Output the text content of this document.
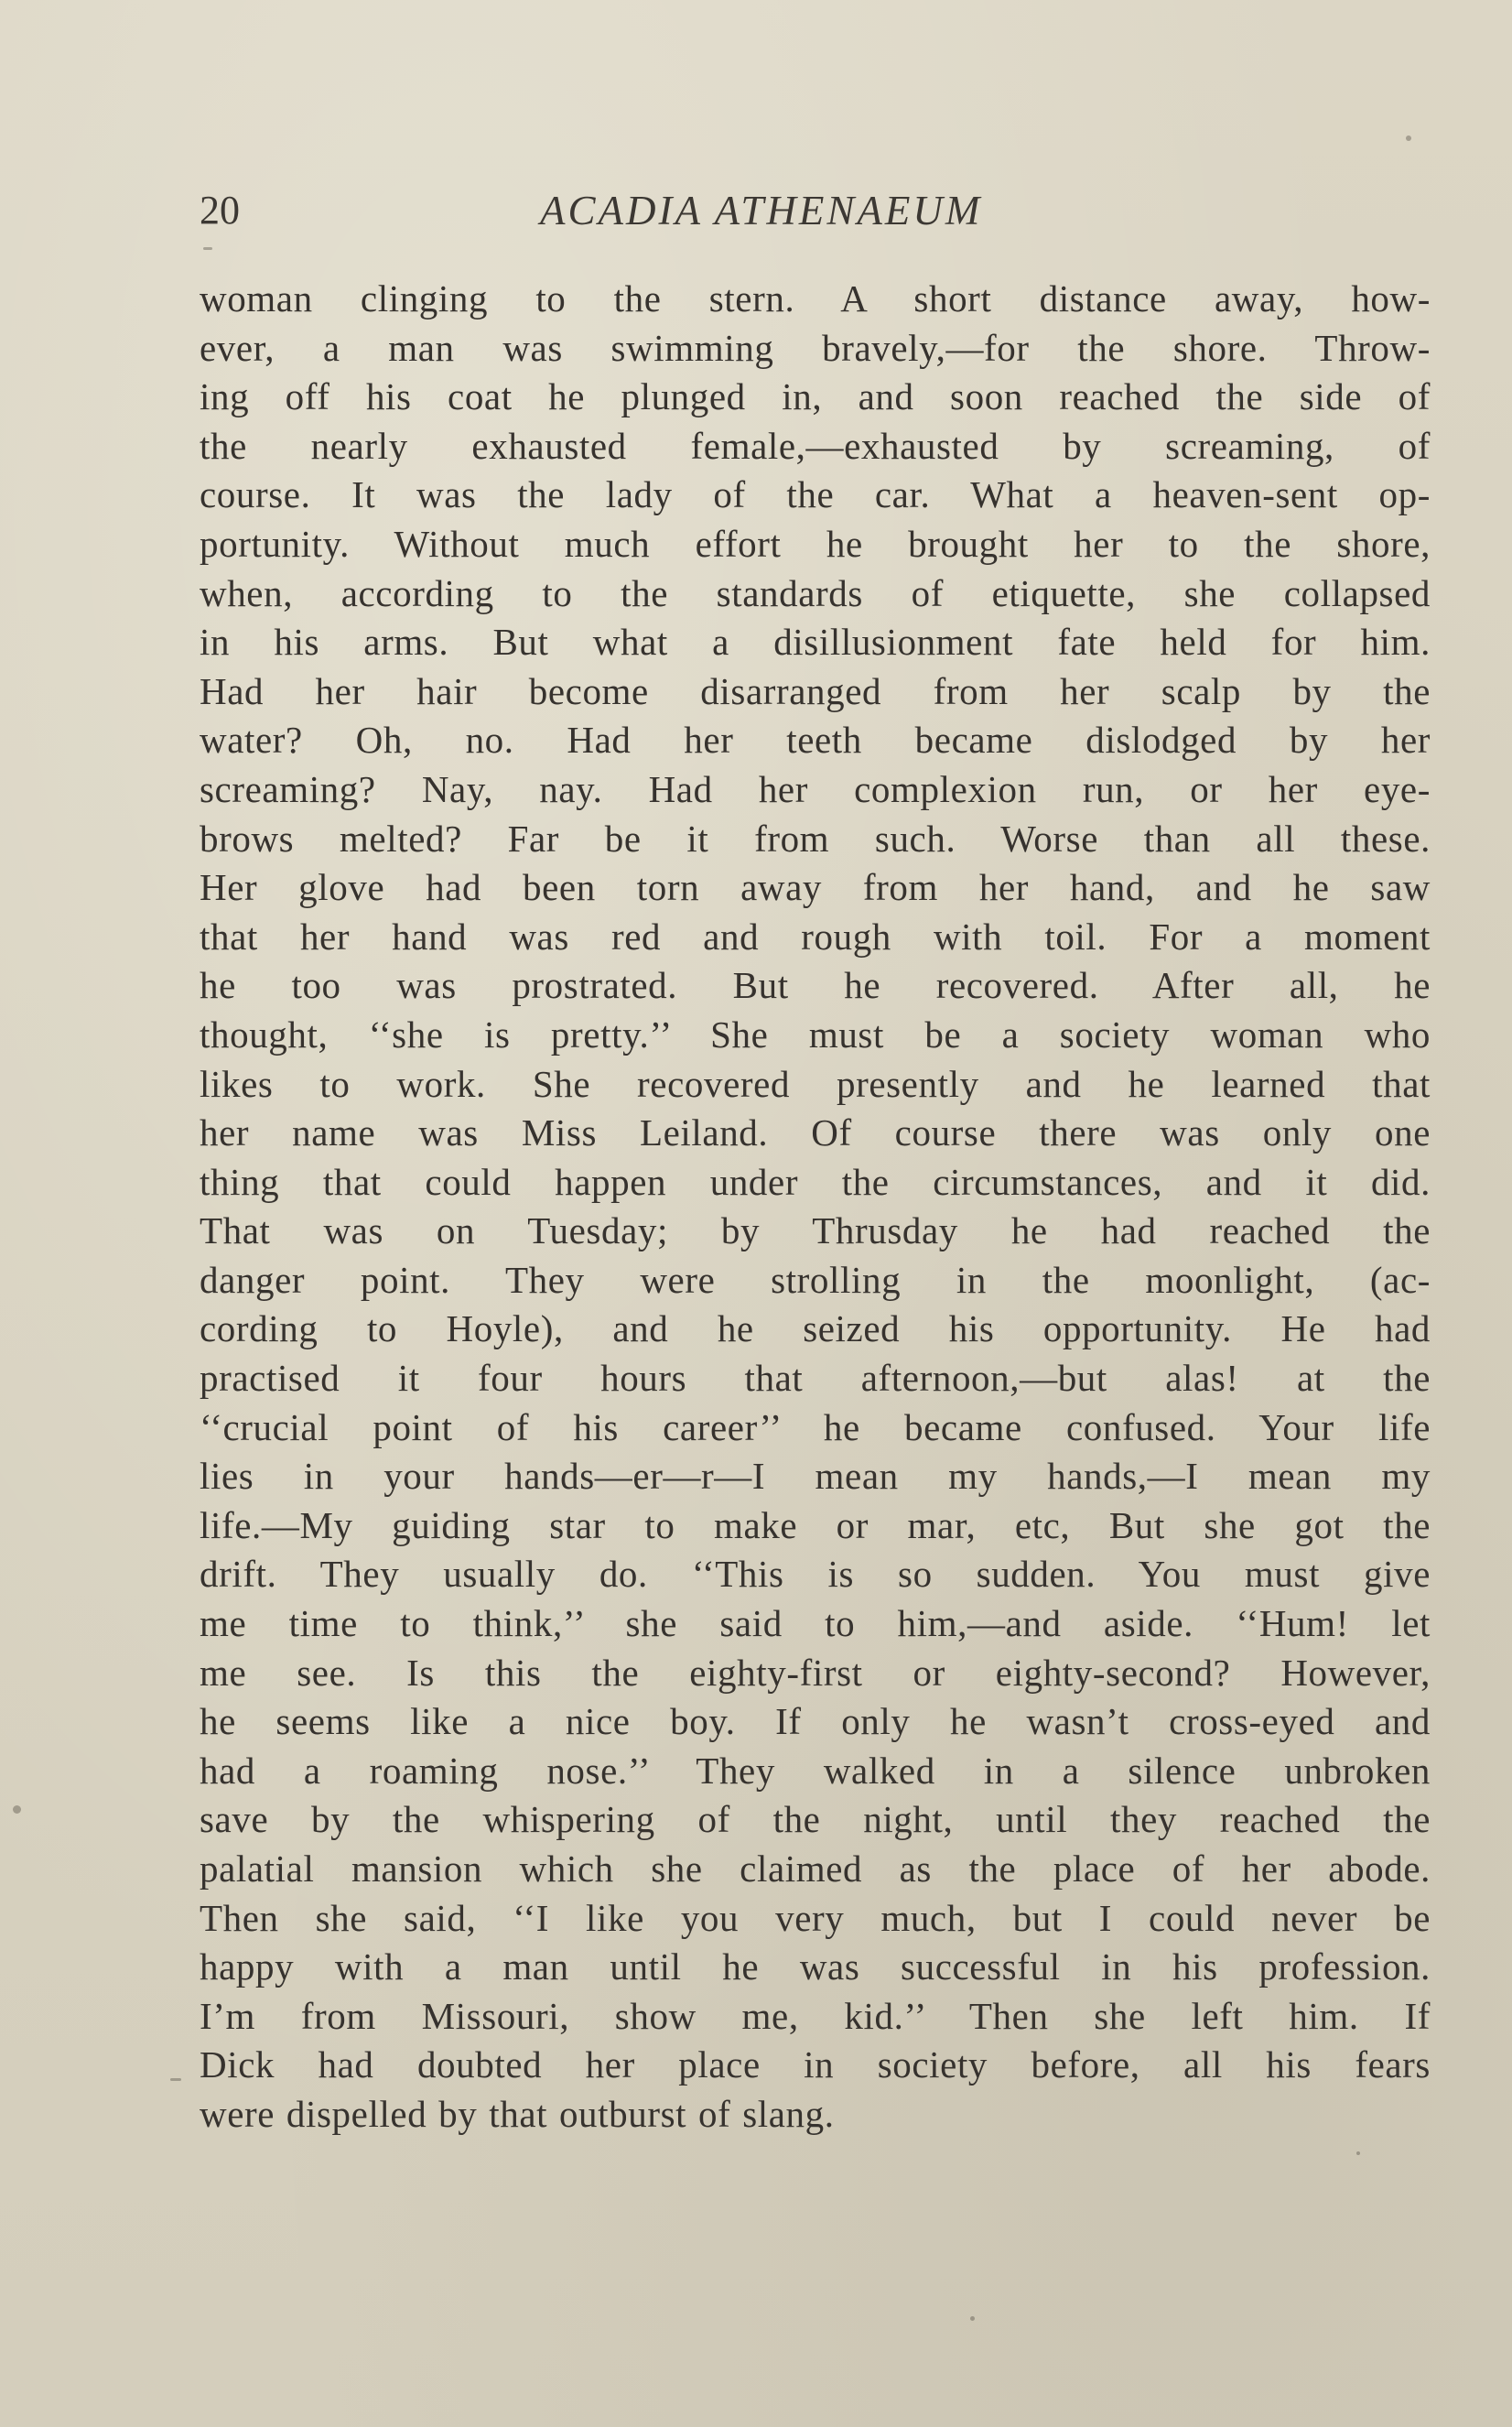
20	ACADIA ATHENAEUM
woman clinging to the stern. A short distance away, how-
ever, a man was swimming bravely,—for the shore. Throw-
ing off his coat he plunged in, and soon reached the side of
the nearly exhausted female,—exhausted by screaming, of
course. It was the lady of the car. What a heaven-sent op-
portunity. Without much effort he brought her to the shore,
when, according to the standards of etiquette, she collapsed
in his arms. But what a disillusionment fate held for him.
Had her hair become disarranged from her scalp by the
water? Oh, no. Had her teeth became dislodged by her
screaming? Nay, nay. Had her complexion run, or her eye-
brows melted? Far be it from such. Worse than all these.
Her glove had been torn away from her hand, and he saw
that her hand was red and rough with toil. For a moment
he too was prostrated. But he recovered. After all, he
thought, ‘‘she is pretty.’’ She must be a society woman who
likes to work. She recovered presently and he learned that
her name was Miss Leiland. Of course there was only one
thing that could happen under the circumstances, and it did.
That was on Tuesday; by Thrusday he had reached the
danger point. They were strolling in the moonlight, (ac-
cording to Hoyle), and he seized his opportunity. He had
practised it four hours that afternoon,—but alas! at the
‘‘crucial point of his career’’ he became confused. Your life
lies in your hands—er—r—I mean my hands,—I mean my
life.—My guiding star to make or mar, etc, But she got the
drift. They usually do. ‘‘This is so sudden. You must give
me time to think,’’ she said to him,—and aside. ‘‘Hum! let
me see. Is this the eighty-first or eighty-second? However,
he seems like a nice boy. If only he wasn’t cross-eyed and
had a roaming nose.’’ They walked in a silence unbroken
save by the whispering of the night, until they reached the
palatial mansion which she claimed as the place of her abode.
Then she said, ‘‘I like you very much, but I could never be
happy with a man until he was successful in his profession.
I’m from Missouri, show me, kid.’’ Then she left him. If
Dick had doubted her place in society before, all his fears
were dispelled by that outburst of slang.
